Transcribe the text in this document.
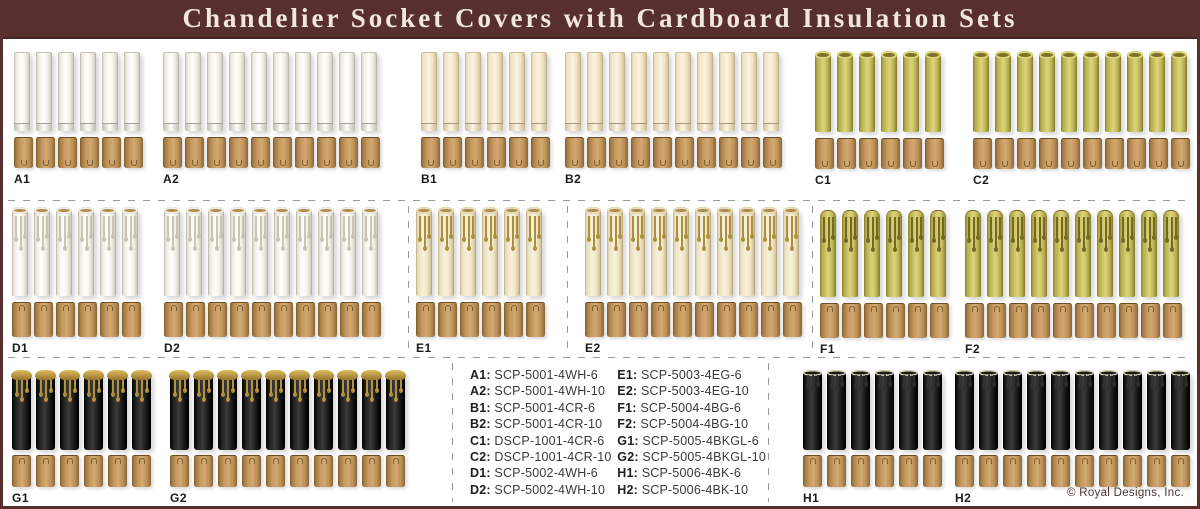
Chandelier Socket Covers with Cardboard Insulation Sets
A1	A2	B1	B2	C1	C2
D1	D2	E1	E2	F1	F2
G1	G2	H1	H2
A1: SCP-5001-4WH-6
A2: SCP-5001-4WH-10
B1: SCP-5001-4CR-6
B2: SCP-5001-4CR-10
C1: DSCP-1001-4CR-6
C2: DSCP-1001-4CR-10
D1: SCP-5002-4WH-6
D2: SCP-5002-4WH-10
E1: SCP-5003-4EG-6
E2: SCP-5003-4EG-10
F1: SCP-5004-4BG-6
F2: SCP-5004-4BG-10
G1: SCP-5005-4BKGL-6
G2: SCP-5005-4BKGL-10
H1: SCP-5006-4BK-6
H2: SCP-5006-4BK-10	© Royal Designs, Inc.
